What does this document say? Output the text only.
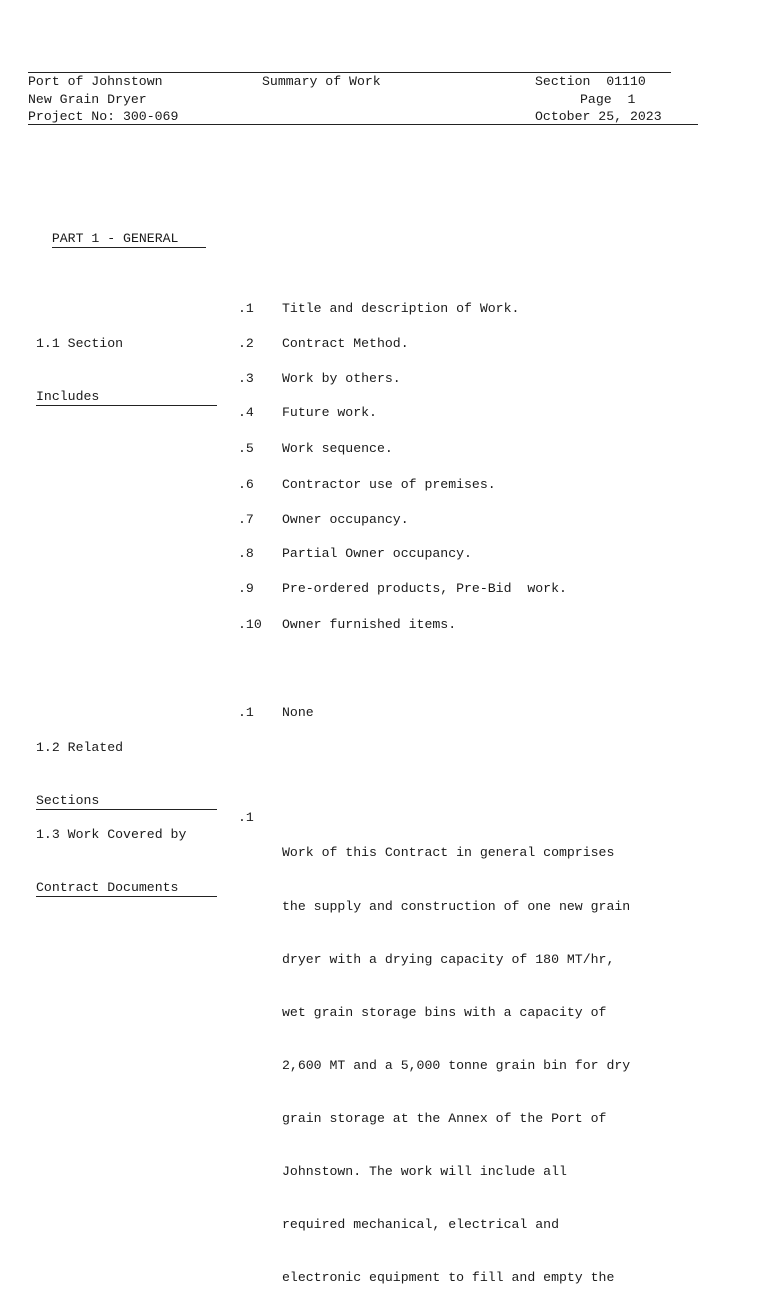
Port of Johnstown
New Grain Dryer
Project No: 300-069
Summary of Work	Section  01110
Page  1
October 25, 2023

PART 1 - GENERAL

1.1 Section

Includes

.1 Title and description of Work.
.2 Contract Method.
.3 Work by others.
.4 Future work.
.5 Work sequence.
.6 Contractor use of premises.
.7 Owner occupancy.
.8 Partial Owner occupancy.
.9 Pre-ordered products, Pre-Bid  work.
.10 Owner furnished items.

1.2 Related

Sections

.1 None

1.3 Work Covered by

Contract Documents

.1

Work of this Contract in general comprises

the supply and construction of one new grain

dryer with a drying capacity of 180 MT/hr,

wet grain storage bins with a capacity of

2,600 MT and a 5,000 tonne grain bin for dry

grain storage at the Annex of the Port of

Johnstown. The work will include all

required mechanical, electrical and

electronic equipment to fill and empty the
